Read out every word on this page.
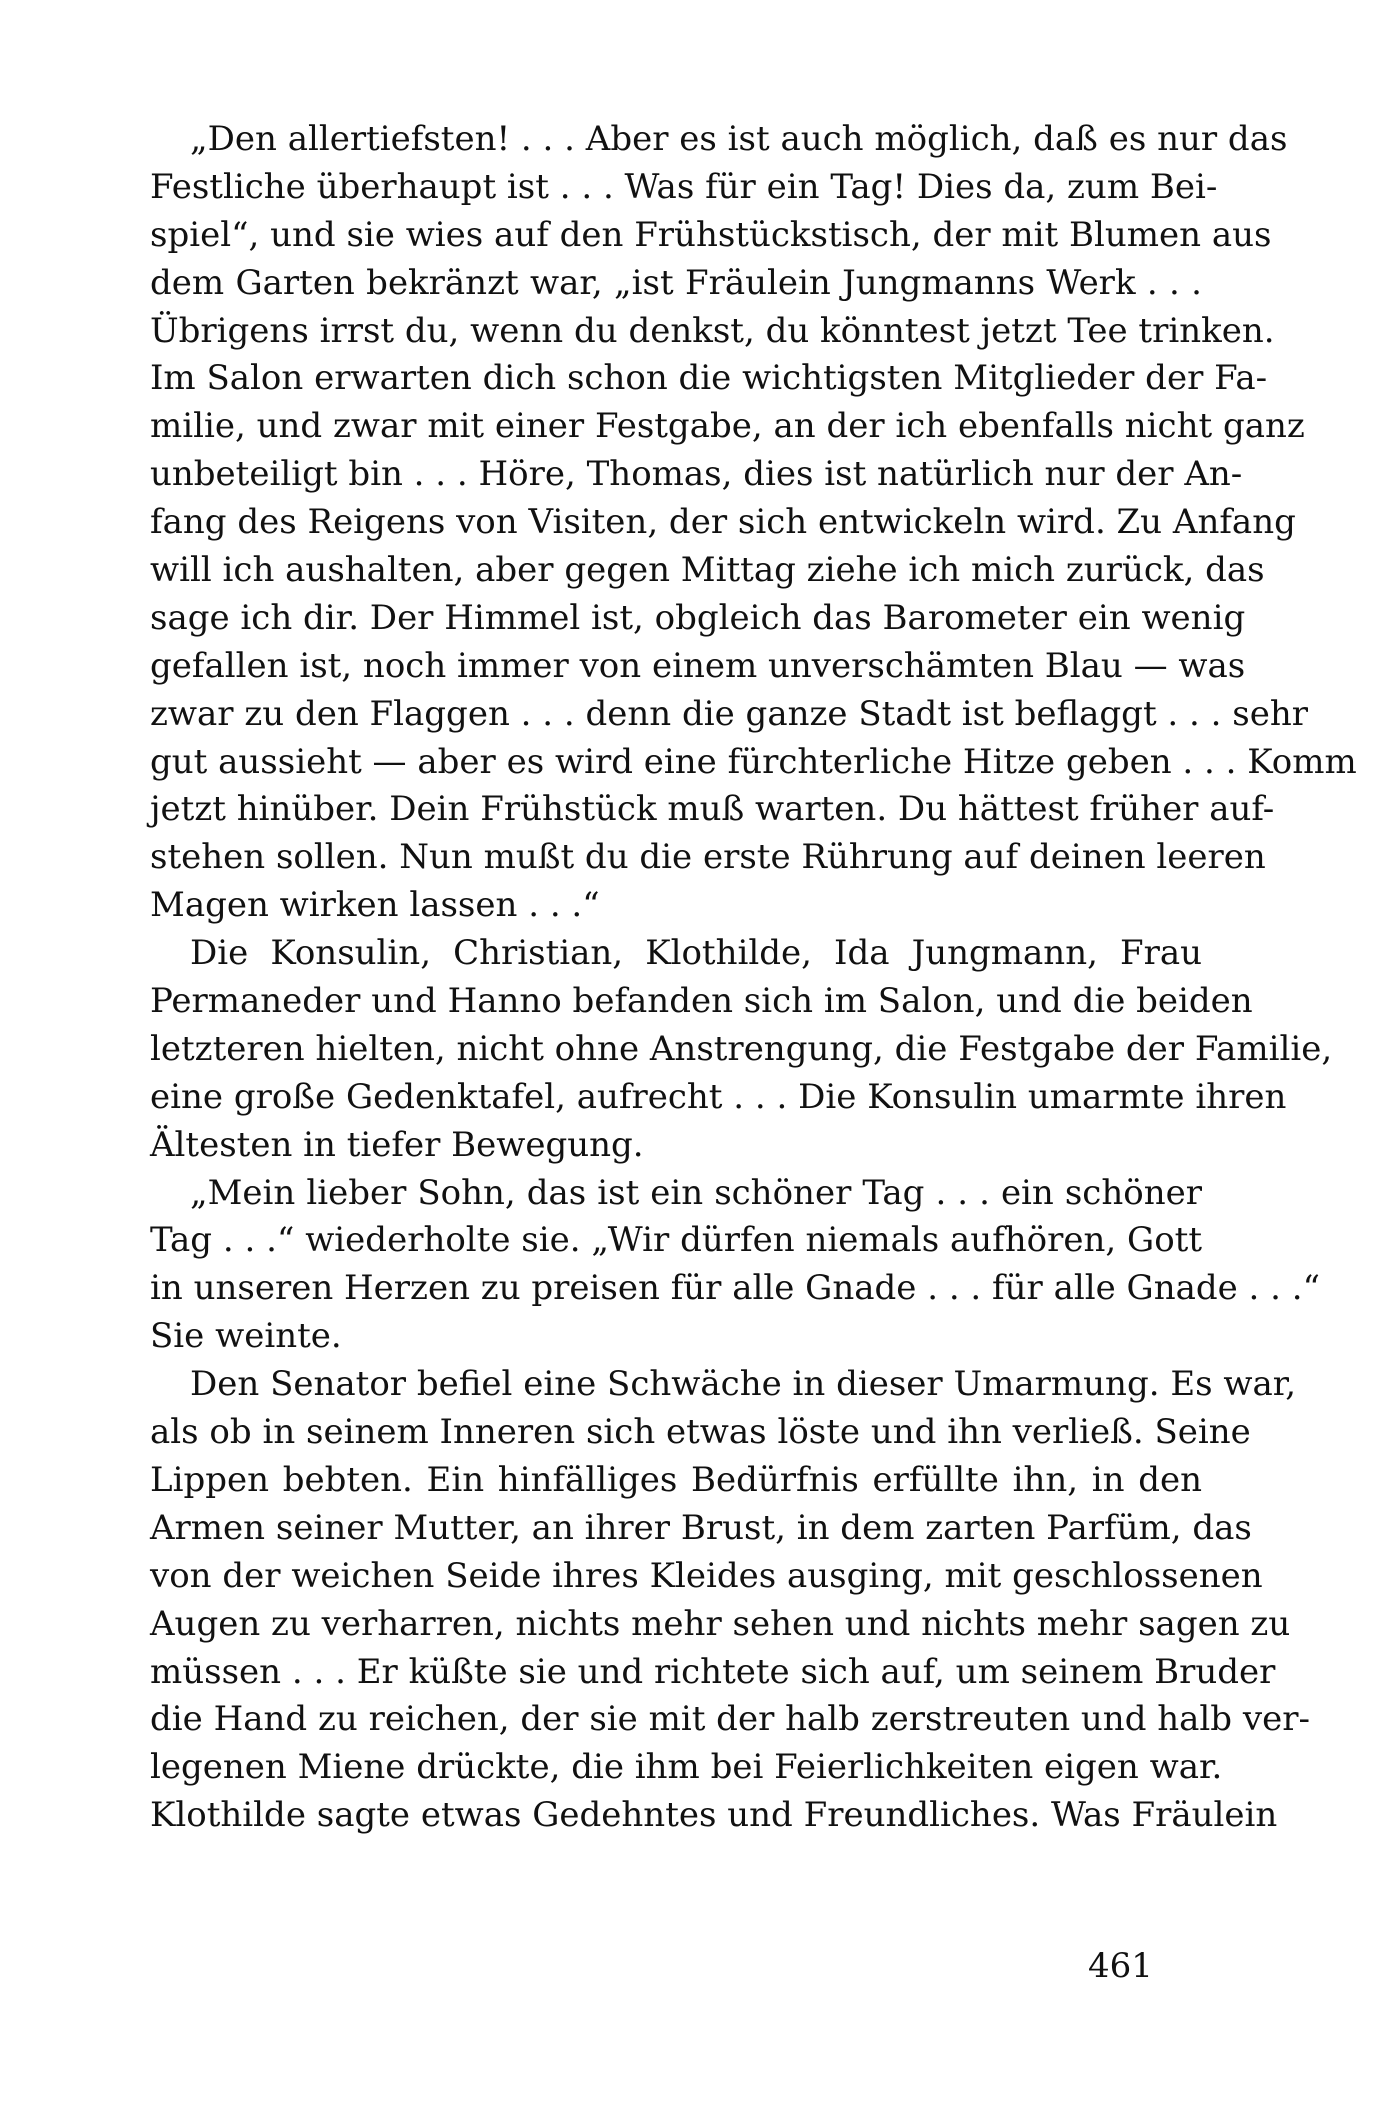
„Den allertiefsten! . . . Aber es ist auch möglich, daß es nur das
Festliche überhaupt ist . . . Was für ein Tag! Dies da, zum Bei-
spiel“, und sie wies auf den Frühstückstisch, der mit Blumen aus
dem Garten bekränzt war, „ist Fräulein Jungmanns Werk . . .
Übrigens irrst du, wenn du denkst, du könntest jetzt Tee trinken.
Im Salon erwarten dich schon die wichtigsten Mitglieder der Fa-
milie, und zwar mit einer Festgabe, an der ich ebenfalls nicht ganz
unbeteiligt bin . . . Höre, Thomas, dies ist natürlich nur der An-
fang des Reigens von Visiten, der sich entwickeln wird. Zu Anfang
will ich aushalten, aber gegen Mittag ziehe ich mich zurück, das
sage ich dir. Der Himmel ist, obgleich das Barometer ein wenig
gefallen ist, noch immer von einem unverschämten Blau — was
zwar zu den Flaggen . . . denn die ganze Stadt ist beflaggt . . . sehr
gut aussieht — aber es wird eine fürchterliche Hitze geben . . . Komm
jetzt hinüber. Dein Frühstück muß warten. Du hättest früher auf-
stehen sollen. Nun mußt du die erste Rührung auf deinen leeren
Magen wirken lassen . . .“
Die Konsulin, Christian, Klothilde, Ida Jungmann, Frau
Permaneder und Hanno befanden sich im Salon, und die beiden
letzteren hielten, nicht ohne Anstrengung, die Festgabe der Familie,
eine große Gedenktafel, aufrecht . . . Die Konsulin umarmte ihren
Ältesten in tiefer Bewegung.
„Mein lieber Sohn, das ist ein schöner Tag . . . ein schöner
Tag . . .“ wiederholte sie. „Wir dürfen niemals aufhören, Gott
in unseren Herzen zu preisen für alle Gnade . . . für alle Gnade . . .“
Sie weinte.
Den Senator befiel eine Schwäche in dieser Umarmung. Es war,
als ob in seinem Inneren sich etwas löste und ihn verließ. Seine
Lippen bebten. Ein hinfälliges Bedürfnis erfüllte ihn, in den
Armen seiner Mutter, an ihrer Brust, in dem zarten Parfüm, das
von der weichen Seide ihres Kleides ausging, mit geschlossenen
Augen zu verharren, nichts mehr sehen und nichts mehr sagen zu
müssen . . . Er küßte sie und richtete sich auf, um seinem Bruder
die Hand zu reichen, der sie mit der halb zerstreuten und halb ver-
legenen Miene drückte, die ihm bei Feierlichkeiten eigen war.
Klothilde sagte etwas Gedehntes und Freundliches. Was Fräulein
461
